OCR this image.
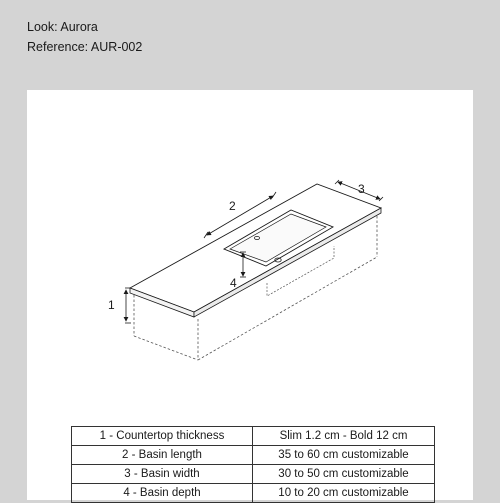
Look: Aurora
Reference: AUR-002
1
2
3
4
1 - Countertop thickness	Slim 1.2 cm - Bold 12 cm
2 - Basin length	35 to 60 cm customizable
3 - Basin width	30 to 50 cm customizable
4 - Basin depth	10 to 20 cm customizable
